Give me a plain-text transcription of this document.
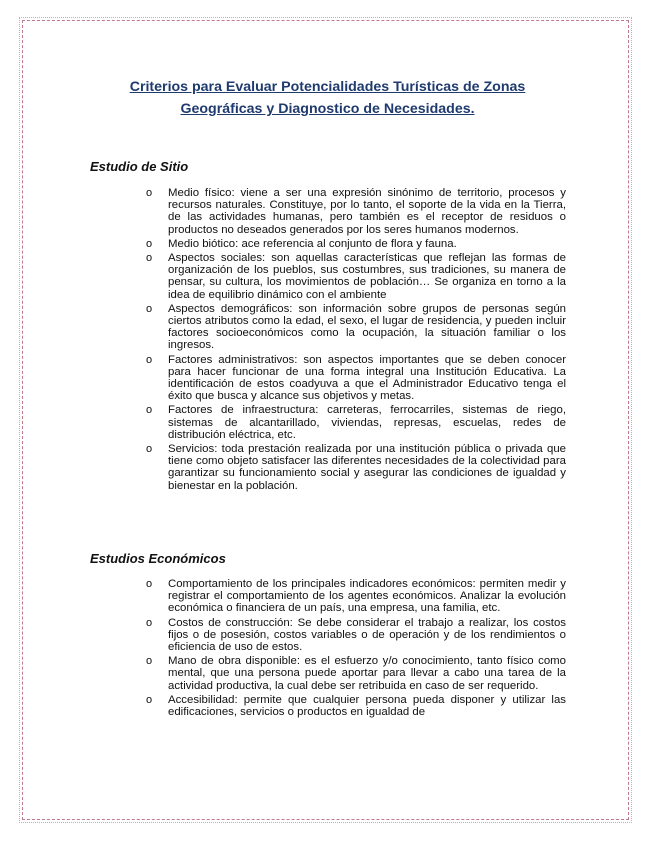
Criterios para Evaluar Potencialidades Turísticas de Zonas
Geográficas y Diagnostico de Necesidades.
Estudio de Sitio
o Medio físico: viene a ser una expresión sinónimo de territorio, procesos y recursos naturales. Constituye, por lo tanto, el soporte de la vida en la Tierra, de las actividades humanas, pero también es el receptor de residuos o productos no deseados generados por los seres humanos modernos.
o Medio biótico: ace referencia al conjunto de flora y fauna.
o Aspectos sociales: son aquellas características que reflejan las formas de organización de los pueblos, sus costumbres, sus tradiciones, su manera de pensar, su cultura, los movimientos de población… Se organiza en torno a la idea de equilibrio dinámico con el ambiente
o Aspectos demográficos: son información sobre grupos de personas según ciertos atributos como la edad, el sexo, el lugar de residencia, y pueden incluir factores socioeconómicos como la ocupación, la situación familiar o los ingresos.
o Factores administrativos: son aspectos importantes que se deben conocer para hacer funcionar de una forma integral una Institución Educativa. La identificación de estos coadyuva a que el Administrador Educativo tenga el éxito que busca y alcance sus objetivos y metas.
o Factores de infraestructura: carreteras, ferrocarriles, sistemas de riego, sistemas de alcantarillado, viviendas, represas, escuelas, redes de distribución eléctrica, etc.
o Servicios: toda prestación realizada por una institución pública o privada que tiene como objeto satisfacer las diferentes necesidades de la colectividad para garantizar su funcionamiento social y asegurar las condiciones de igualdad y bienestar en la población.
Estudios Económicos
o Comportamiento de los principales indicadores económicos: permiten medir y registrar el comportamiento de los agentes económicos. Analizar la evolución económica o financiera de un país, una empresa, una familia, etc.
o Costos de construcción: Se debe considerar el trabajo a realizar, los costos fijos o de posesión, costos variables o de operación y de los rendimientos o eficiencia de uso de estos.
o Mano de obra disponible: es el esfuerzo y/o conocimiento, tanto físico como mental, que una persona puede aportar para llevar a cabo una tarea de la actividad productiva, la cual debe ser retribuida en caso de ser requerido.
o Accesibilidad: permite que cualquier persona pueda disponer y utilizar las edificaciones, servicios o productos en igualdad de
